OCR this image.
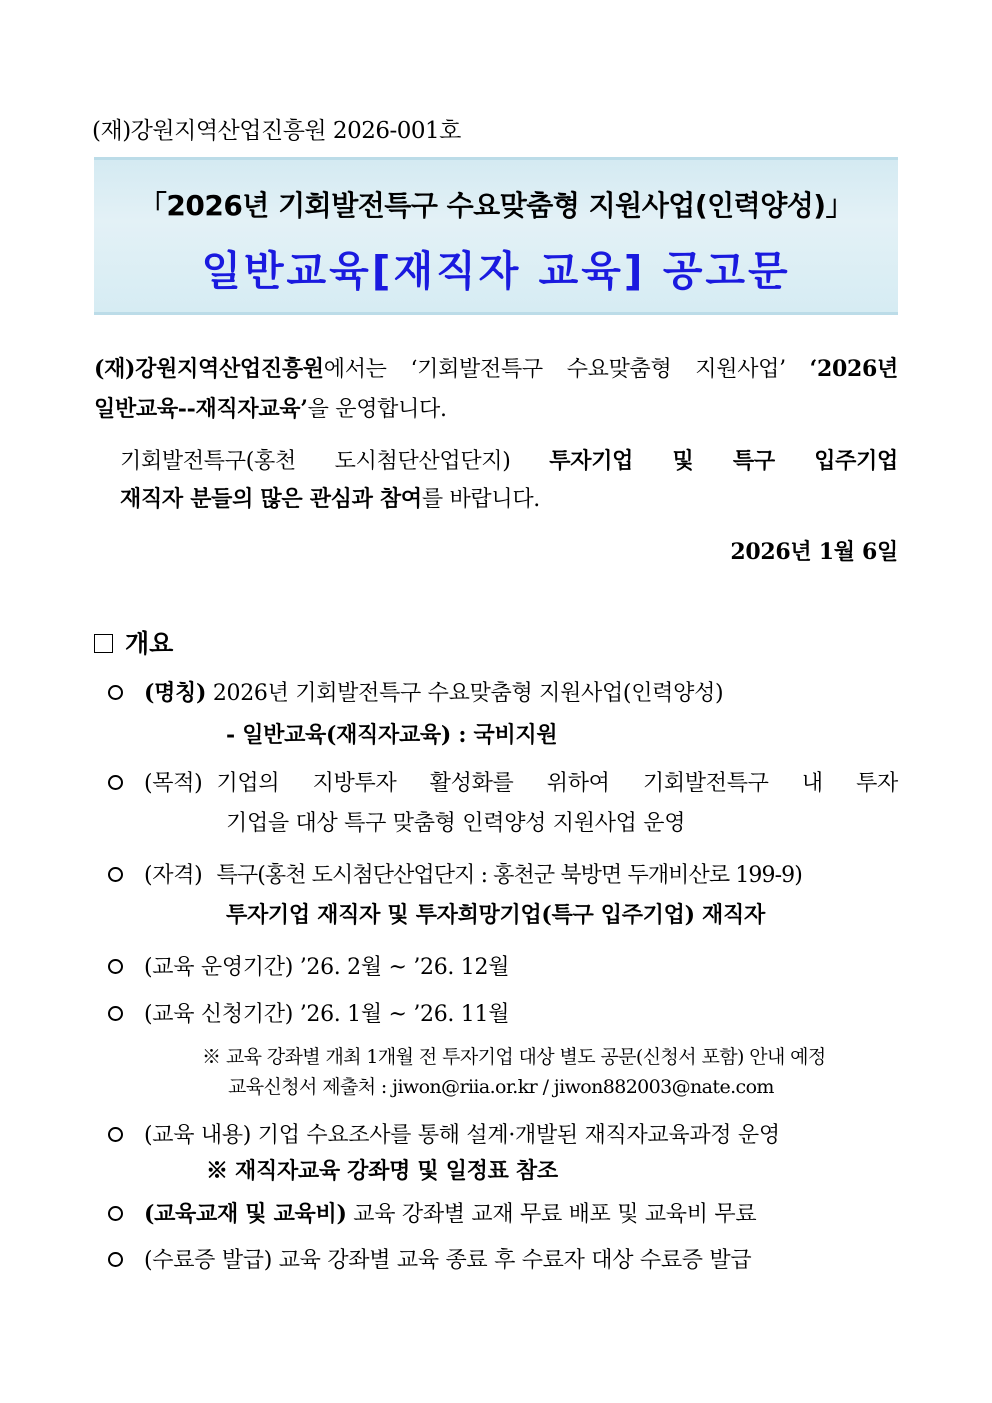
(재)강원지역산업진흥원 2026-001호
「2026년 기회발전특구 수요맞춤형 지원사업(인력양성)」
일반교육[재직자 교육] 공고문
(재)강원지역산업진흥원에서는 ‘기회발전특구 수요맞춤형 지원사업’ ‘2026년
일반교육--재직자교육’을 운영합니다.
기회발전특구(홍천 도시첨단산업단지) 투자기업 및 특구 입주기업
재직자 분들의 많은 관심과 참여를 바랍니다.
2026년 1월 6일
개요
(명칭) 2026년 기회발전특구 수요맞춤형 지원사업(인력양성)
- 일반교육(재직자교육) : 국비지원
(목적) 기업의 지방투자 활성화를 위하여 기회발전특구 내 투자
기업을 대상 특구 맞춤형 인력양성 지원사업 운영
(자격) 특구(홍천 도시첨단산업단지 : 홍천군 북방면 두개비산로 199-9)
투자기업 재직자 및 투자희망기업(특구 입주기업) 재직자
(교육 운영기간) ’26. 2월 ~ ’26. 12월
(교육 신청기간) ’26. 1월 ~ ’26. 11월
※ 교육 강좌별 개최 1개월 전 투자기업 대상 별도 공문(신청서 포함) 안내 예정
교육신청서 제출처 : jiwon@riia.or.kr / jiwon882003@nate.com
(교육 내용) 기업 수요조사를 통해 설계·개발된 재직자교육과정 운영
※ 재직자교육 강좌명 및 일정표 참조
(교육교재 및 교육비) 교육 강좌별 교재 무료 배포 및 교육비 무료
(수료증 발급) 교육 강좌별 교육 종료 후 수료자 대상 수료증 발급
